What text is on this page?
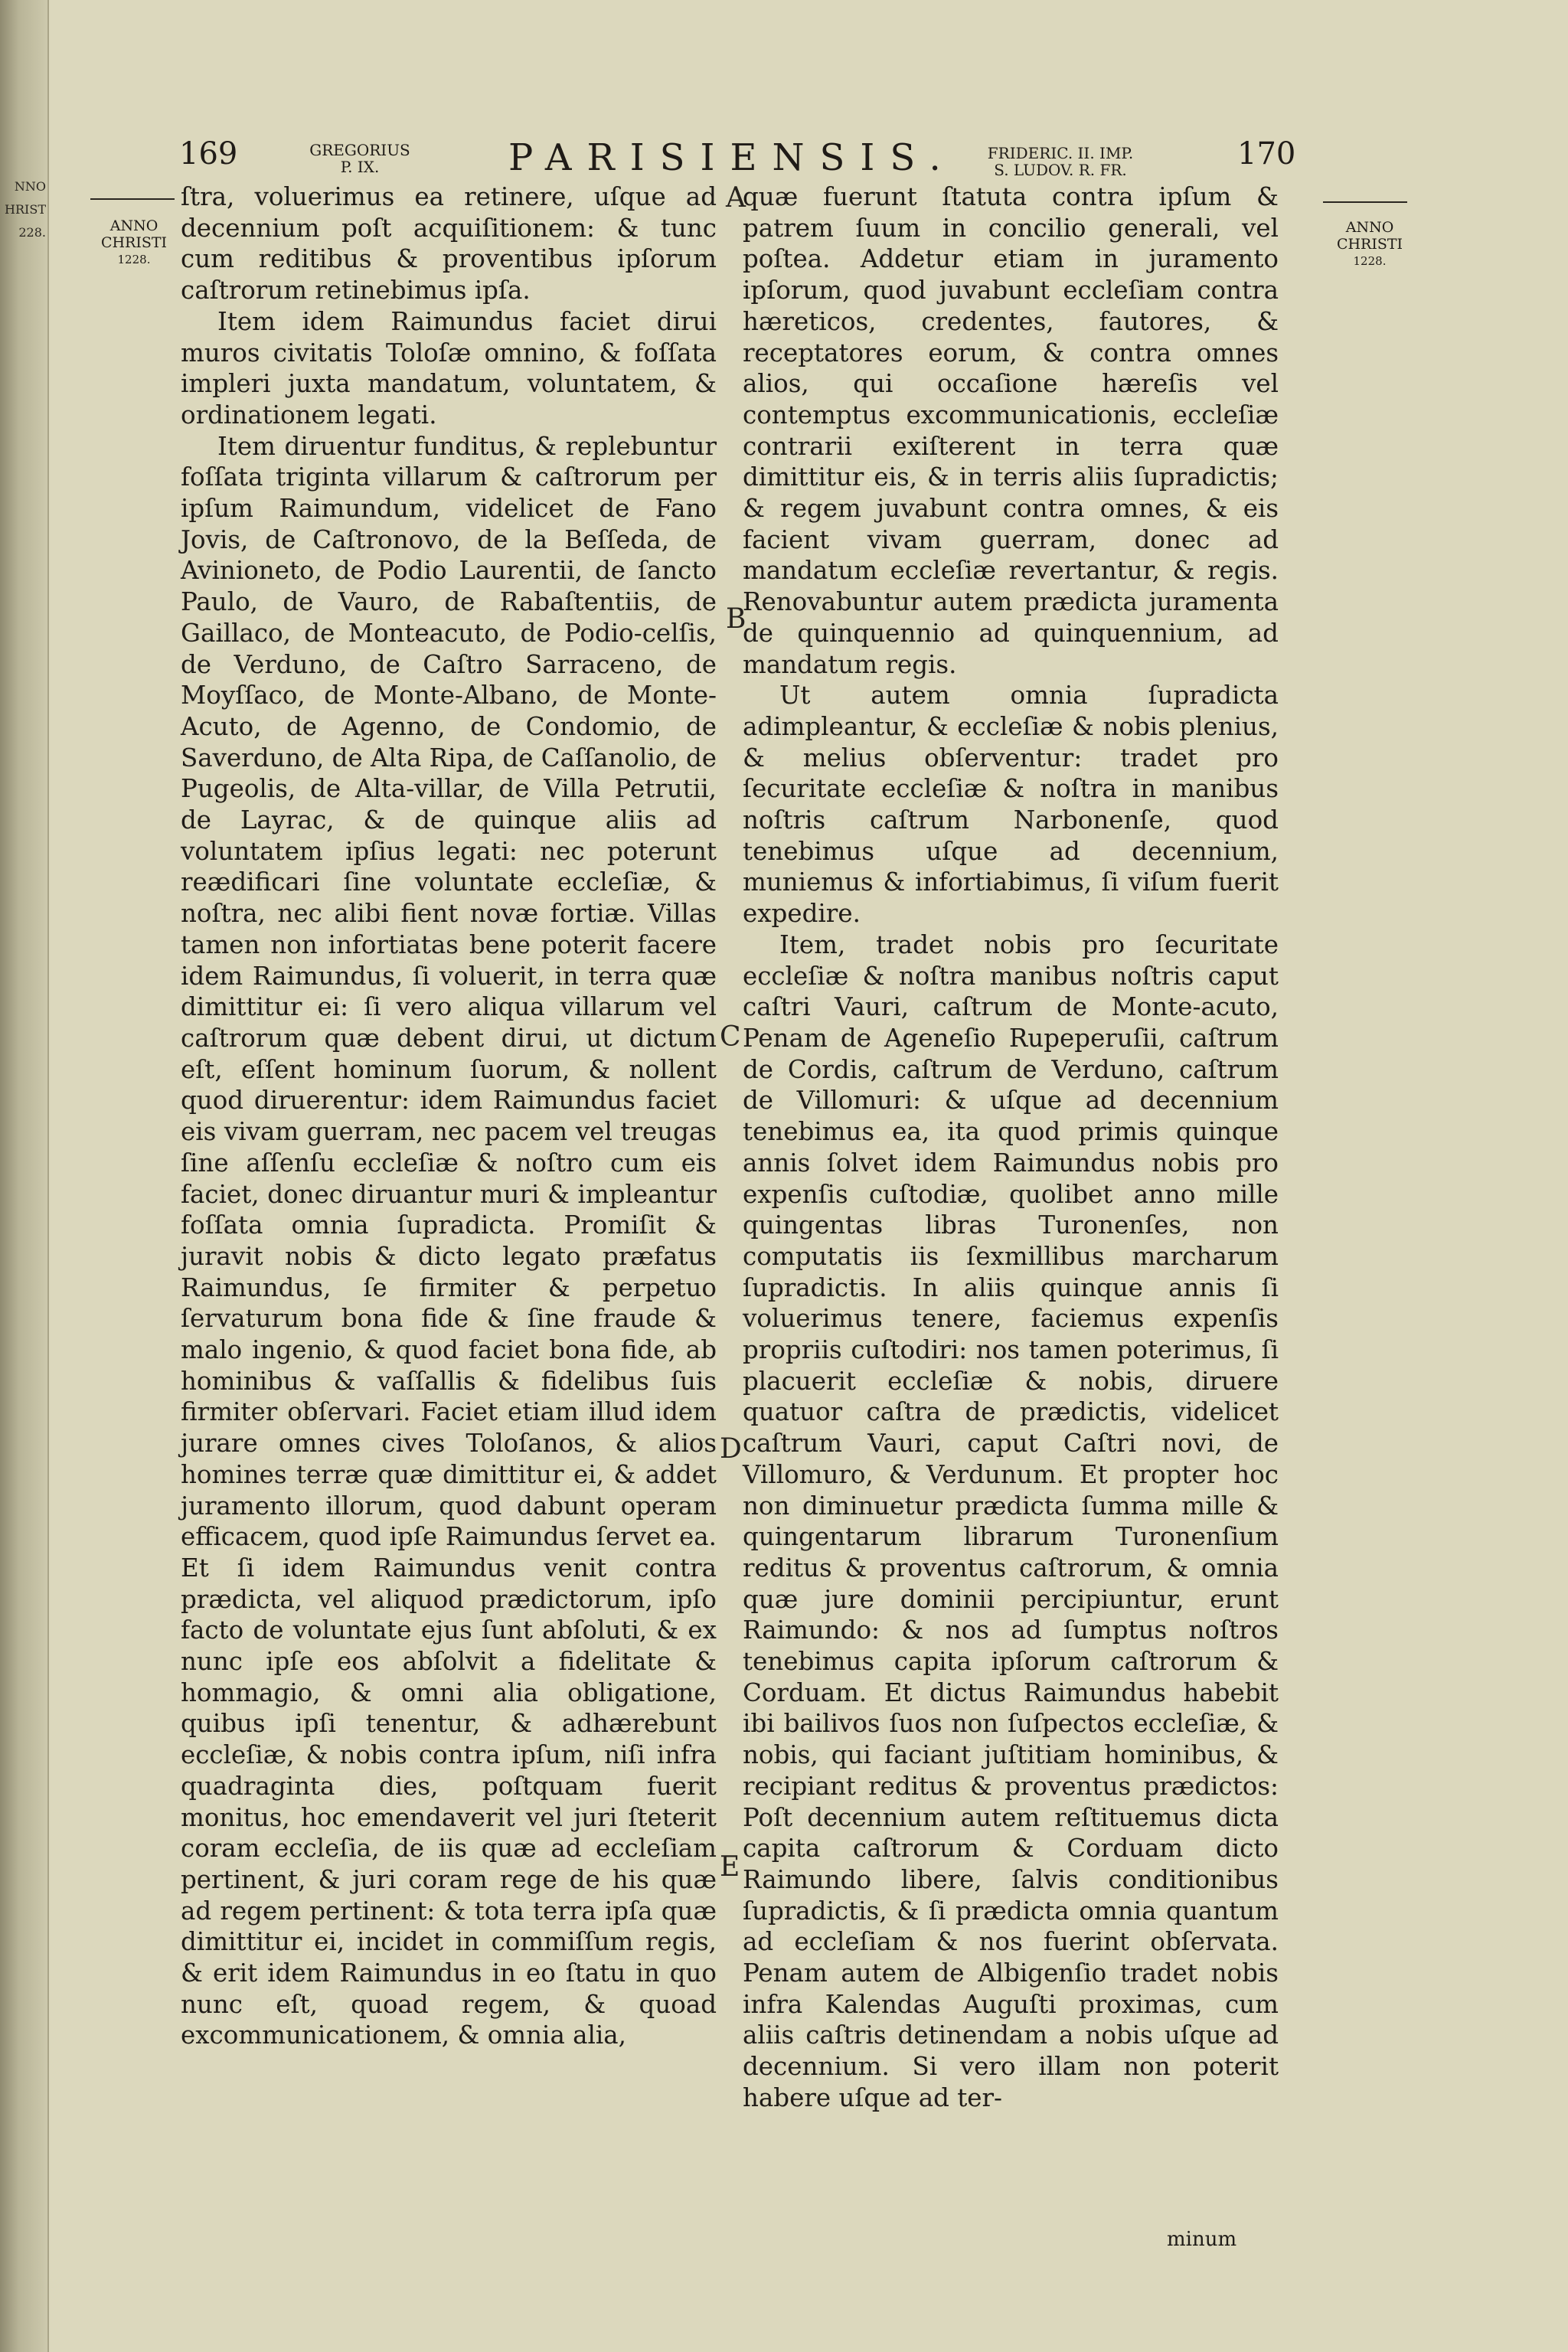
NNO
HRIST
228.
169	GREGORIUS
P. IX.	PARISIENSIS.	FRIDERIC. II. IMP.
S. LUDOV. R. FR.	170
ANNO
CHRISTI
1228.
ANNO
CHRISTI
1228.

ſtra, voluerimus ea retinere, uſque ad decennium poſt acquiſitionem: & tunc cum reditibus & proventibus ipſorum caſtrorum retinebimus ipſa.

Item idem Raimundus faciet dirui muros civitatis Toloſæ omnino, & foſſata impleri juxta mandatum, voluntatem, & ordinationem legati.

Item diruentur funditus, & replebuntur foſſata triginta villarum & caſtrorum per ipſum Raimundum, videlicet de Fano Jovis, de Caſtronovo, de la Beſſeda, de Avinioneto, de Podio Laurentii, de ſancto Paulo, de Vauro, de Rabaſtentiis, de Gaillaco, de Monteacuto, de Podio-celſis, de Verduno, de Caſtro Sarraceno, de Moyſſaco, de Monte-Albano, de Monte-Acuto, de Agenno, de Condomio, de Saverduno, de Alta Ripa, de Caſſanolio, de Pugeolis, de Alta-villar, de Villa Petrutii, de Layrac, & de quinque aliis ad voluntatem ipſius legati: nec poterunt reædificari ſine voluntate eccleſiæ, & noſtra, nec alibi fient novæ fortiæ. Villas tamen non infortiatas bene poterit facere idem Raimundus, ſi voluerit, in terra quæ dimittitur ei: ſi vero aliqua villarum vel caſtrorum quæ debent dirui, ut dictum eſt, eſſent hominum ſuorum, & nollent quod diruerentur: idem Raimundus faciet eis vivam guerram, nec pacem vel treugas ſine aſſenſu eccleſiæ & noſtro cum eis faciet, donec diruantur muri & impleantur foſſata omnia ſupradicta. Promiſit & juravit nobis & dicto legato præfatus Raimundus, ſe firmiter & perpetuo ſervaturum bona fide & ſine fraude & malo ingenio, & quod faciet bona fide, ab hominibus & vaſſallis & fidelibus ſuis firmiter obſervari. Faciet etiam illud idem jurare omnes cives Toloſanos, & alios homines terræ quæ dimittitur ei, & addet juramento illorum, quod dabunt operam efficacem, quod ipſe Raimundus ſervet ea. Et ſi idem Raimundus venit contra prædicta, vel aliquod prædictorum, ipſo facto de voluntate ejus ſunt abſoluti, & ex nunc ipſe eos abſolvit a fidelitate & hommagio, & omni alia obligatione, quibus ipſi tenentur, & adhærebunt eccleſiæ, & nobis contra ipſum, niſi infra quadraginta dies, poſtquam fuerit monitus, hoc emendaverit vel juri ſteterit coram eccleſia, de iis quæ ad eccleſiam pertinent, & juri coram rege de his quæ ad regem pertinent: & tota terra ipſa quæ dimittitur ei, incidet in commiſſum regis, & erit idem Raimundus in eo ſtatu in quo nunc eſt, quoad regem, & quoad excommunicationem, & omnia alia,

quæ fuerunt ſtatuta contra ipſum & patrem ſuum in concilio generali, vel poſtea. Addetur etiam in juramento ipſorum, quod juvabunt eccleſiam contra hæreticos, credentes, fautores, & receptatores eorum, & contra omnes alios, qui occaſione hæreſis vel contemptus excommunicationis, eccleſiæ contrarii exiſterent in terra quæ dimittitur eis, & in terris aliis ſupradictis; & regem juvabunt contra omnes, & eis facient vivam guerram, donec ad mandatum eccleſiæ revertantur, & regis. Renovabuntur autem prædicta juramenta de quinquennio ad quinquennium, ad mandatum regis.

Ut autem omnia ſupradicta adimpleantur, & eccleſiæ & nobis plenius, & melius obſerventur: tradet pro ſecuritate eccleſiæ & noſtra in manibus noſtris caſtrum Narbonenſe, quod tenebimus uſque ad decennium, muniemus & infortiabimus, ſi viſum fuerit expedire.

Item, tradet nobis pro ſecuritate eccleſiæ & noſtra manibus noſtris caput caſtri Vauri, caſtrum de Monte-acuto, Penam de Ageneſio Rupeperuſii, caſtrum de Cordis, caſtrum de Verduno, caſtrum de Villomuri: & uſque ad decennium tenebimus ea, ita quod primis quinque annis ſolvet idem Raimundus nobis pro expenſis cuſtodiæ, quolibet anno mille quingentas libras Turonenſes, non computatis iis ſexmillibus marcharum ſupradictis. In aliis quinque annis ſi voluerimus tenere, faciemus expenſis propriis cuſtodiri: nos tamen poterimus, ſi placuerit eccleſiæ & nobis, diruere quatuor caſtra de prædictis, videlicet caſtrum Vauri, caput Caſtri novi, de Villomuro, & Verdunum. Et propter hoc non diminuetur prædicta ſumma mille & quingentarum librarum Turonenſium reditus & proventus caſtrorum, & omnia quæ jure dominii percipiuntur, erunt Raimundo: & nos ad ſumptus noſtros tenebimus capita ipſorum caſtrorum & Corduam. Et dictus Raimundus habebit ibi bailivos ſuos non ſuſpectos eccleſiæ, & nobis, qui faciant juſtitiam hominibus, & recipiant reditus & proventus prædictos: Poſt decennium autem reſtituemus dicta capita caſtrorum & Corduam dicto Raimundo libere, ſalvis conditionibus ſupradictis, & ſi prædicta omnia quantum ad eccleſiam & nos fuerint obſervata. Penam autem de Albigenſio tradet nobis infra Kalendas Auguſti proximas, cum aliis caſtris detinendam a nobis uſque ad decennium. Si vero illam non poterit habere uſque ad ter-

A
B
C
D
E
minum
